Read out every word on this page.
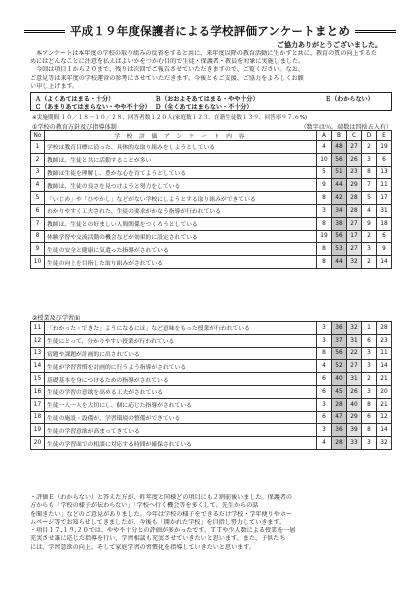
平成１９年度保護者による学校評価アンケートまとめ
ご協力ありがとうございました。

本アンケートは本年度の学校の取り組みの反省をすると共に、来年度以降の教育活動に生かすと共に、教育の質の向上するた

めにはどんなことに注意を払えばよいかをつかむ目的で生徒・保護者・教員を対象に実施しました。

今回は項目１から２０まで、残りは次回でご報告させていただきますので、ご覧ください。なお、

ご意見等は来年度の学校運営の参考にさせていただきます。今後ともご支援、ご協力をよろしくお願

い申し上げます。

Ａ（よくあてはまる・十分）	Ｂ（おおよそあてはまる・やや十分）	Ｅ（わからない）
Ｃ（あまりあてはまらない・やや不十分） Ｄ（全くあてはまらない・不十分）
※実施期間 １０／１８～１０／２８、回答者数１２０人(家庭数１２３、在籍生徒数１３９、回答率９７.６%)
①学校の教育方針及び指導体制	（数字は％。端数は四捨五入有）
No	学 校 評 価 ア ン ケ ー ト 内 容	A	B	C	D	E
1	学校は教育目標に沿った、具体的な取り組みをしようとしている	4	48	27	2	19
2	教師は、生徒と共に活動することが多い	10	56	26	3	6
3	教師は生徒を理解し、豊かな心を育てようとしている	5	51	23	8	13
4	教師は、生徒の良さを見つけようと努力をしている	9	44	29	7	11
5	「いじめ」や「ひやかし」などがない学校にしようとする取り組みができている	8	42	28	5	17
6	わかりやすく工夫された、生徒の要求がかなう指導が行われている	3	34	28	4	31
7	教師は、生徒との好ましい人間関係をつくろうとしている	8	38	27	9	18
8	体験学習や交流活動の機会などが効果的に設定されている	19	56	17	2	6
9	生徒の安全と健康に気遣った指導がされている	8	53	27	3	9
10	生徒の向上を目指した取り組みがされている	8	44	32	2	14
②授業及び学習面
11	「わかった・できた」ようになるには」など意味をもった授業が行われている	3	36	32	1	28
12	生徒にとって、分かりやすい授業が行われている	3	37	31	6	23
13	宿題や課題が計画的に出されている	8	56	22	3	11
14	生徒が学習習慣を計画的に行うよう指導がされている	4	52	27	3	14
15	基礎基本を身につけるための指導がされている	6	40	31	2	21
16	生徒の学習の意欲を高める工夫がされている	6	45	26	3	20
17	生徒一人一人を大切にし、個に応じた指導がされている	3	28	40	8	21
18	生徒の施設・設備が、学習環境の整備ができている	6	47	29	6	12
19	生徒の学習意欲が高まってきている	3	36	39	8	14
20	生徒の学習面での相談に対応する時間が確保されている	4	28	33	3	32

・評価Ｅ（わからない）と答えた方が、昨年度と同様どの項目にも２割前後いました。保護者の

方からも「学校の様子が伝わらない」「学校へ行く機会等を多くして、先生からの話

を聞きたい」などのご意見がありました。今年は学校の様子をできるだけ学校・学年便りやホー

ムページ等でお知らせしてきましたが、今後も「開かれた学校」を目指し努力していきます。

・項目１７,１９,２０では、やや不十分との評価が多かったです。ＴＴや少人数による授業を一層

充実させ誰に応じた指導を行い、学習相談も充実させていきたいと思います。また、子供たち

には、学習意欲の向上、そして家庭学習の習慣化を指導していきたいと思います。
